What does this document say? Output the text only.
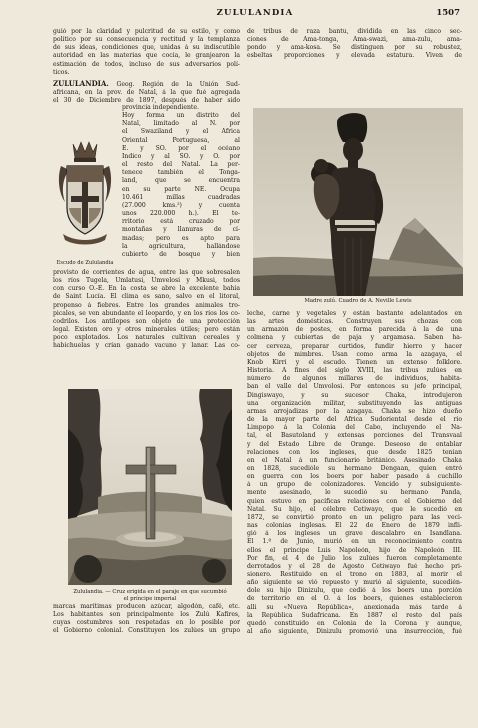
ZULULANDIA	1507
guió por la claridad y pulcritud de su estilo, y como
político por su consecuencia y rectitud y la templanza
de sus ideas, condiciones que, unidas á su indiscutible
autoridad en las materias que cocía, le granjearon la
estimación de todos, incluso de sus adversarios polí-
ticos.
ZULULANDIA. Geog. Región de la Unión Sud-
africana, en la prov. de Natal, á la que fué agregada
el 30 de Diciembre de 1897, después de haber sido
Escudo de Zululandia
provincia independiente.
Hoy forma un distrito del
Natal, limitado al N. por
el Swaziland y el África
Oriental Portuguesa, al
E. y SO. por el océano
Índico y al SO. y O. por
el resto del Natal. La per-
tenece también el Tonga-
land, que se encuentra
en su parte NE. Ocupa
10.461 millas cuadradas
(27.000 kms.²) y cuenta
unos 220.000 h.). El te-
rritorio está cruzado por
montañas y llanuras de cí-
madas; pero es apto para
la agricultura, hallándose
cubierto de bosque y bien
provisto de corrientes de agua, entre las que sobresalen
los ríos Tugela, Umlatusi, Umvelosi y Mkusi, todos
con curso O.-E. En la costa se abre la excelente bahía
de Saint Lucía. El clima es sano, salvo en el litoral,
propenso á fiebres. Entre los grandes animales tro-
picales, se ven abundante el leopardo, y en los ríos los co-
codrilos. Los antílopes son objeto de una protección
legal. Existen oro y otros minerales útiles; pero están
poco explotados. Los naturales cultivan cereales y
habichuelas y crían ganado vacuno y lanar. Las co-
Zululandia. — Cruz erigida en el paraje en que sucumbió
el príncipe imperial
marcas marítimas producen azúcar, algodón, café, etc.
Los habitantes son principalmente los Zulú Kafires,
cuyas costumbres son respetadas en lo posible por
el Gobierno colonial. Constituyen los zulúes un grupo
de tribus de raza bantu, dividida en las cinco sec-
ciones de Ama-tonga, Ama-swazi, ama-zulu, ama-
pondo y ama-kosa. Se distinguen por su robustez,
esbeltas proporciones y elevada estatura. Viven de
Madre zulú. Cuadro de A. Neville Lewis
leche, carne y vegetales y están bastante adelantados en
las artes domésticas. Construyen sus chozas con
un armazón de postes, en forma parecida á la de una
colmena y cubiertas de paja y argamasa. Saben ha-
cer cerveza, preparar curtidos, fundir hierro y hacer
objetos de mimbres. Usan como arma la azagaya, el
Knob Kirri y el escudo. Tienen un extenso folklore.
Historia. A fines del siglo XVIII, las tribus zulúes en
número de algunos millares de individuos, habita-
ban el valle del Umvolosi. Por entonces su jefe principal,
Dingiswayo, y su sucesor Chaka, introdujeron
una organización militar, substituyendo las antiguas
armas arrojadizas por la azagaya. Chaka se hizo dueño
de la mayor parte del África Sudoriental desde el río
Limpopo á la Colonia del Cabo, incluyendo el Na-
tal, el Basutoland y extensas porciones del Transvaal
y del Estado Libre de Orange. Deseoso de entablar
relaciones con los ingleses, que desde 1825 tenían
en el Natal á un funcionario británico. Asesinado Chaka
en 1828, sucedióle su hermano Dengaan, quien entró
en guerra con los boers por haber pasado á cuchillo
á un grupo de colonizadores. Vencido y subsiguiente-
mente asesinado, le sucedió su hermano Panda,
quien estuvo en pacíficas relaciones con el Gobierno del
Natal. Su hijo, el célebre Cetiwayo, que le sucedió en
1872, se convirtió pronto en un peligro para las veci-
nas colonias inglesas. El 22 de Enero de 1879 infli-
gió á los ingleses un grave descalabro en Isandlana.
El 1.º de Junio, murió en un reconocimiento contra
ellos el príncipe Luis Napoleón, hijo de Napoleón III.
Por fin, el 4 de Julio los zulúes fueron completamente
derrotados y el 28 de Agosto Cetiwayo fué hecho pri-
sionero. Restituido en el trono en 1883, al morir el
año siguiente se vió repuesto y murió al siguiente, sucedién-
dole su hijo Dinizulu, que cedió á los boers una porción
de territorio en el O. á los boers, quienes establecieron
allí su «Nueva República», anexionada más tarde á
la República Sudafricana. En 1887 el resto del país
quedó constituido en Colonia de la Corona y aunque,
al año siguiente, Dinizulu promovió una insurrección, fué
